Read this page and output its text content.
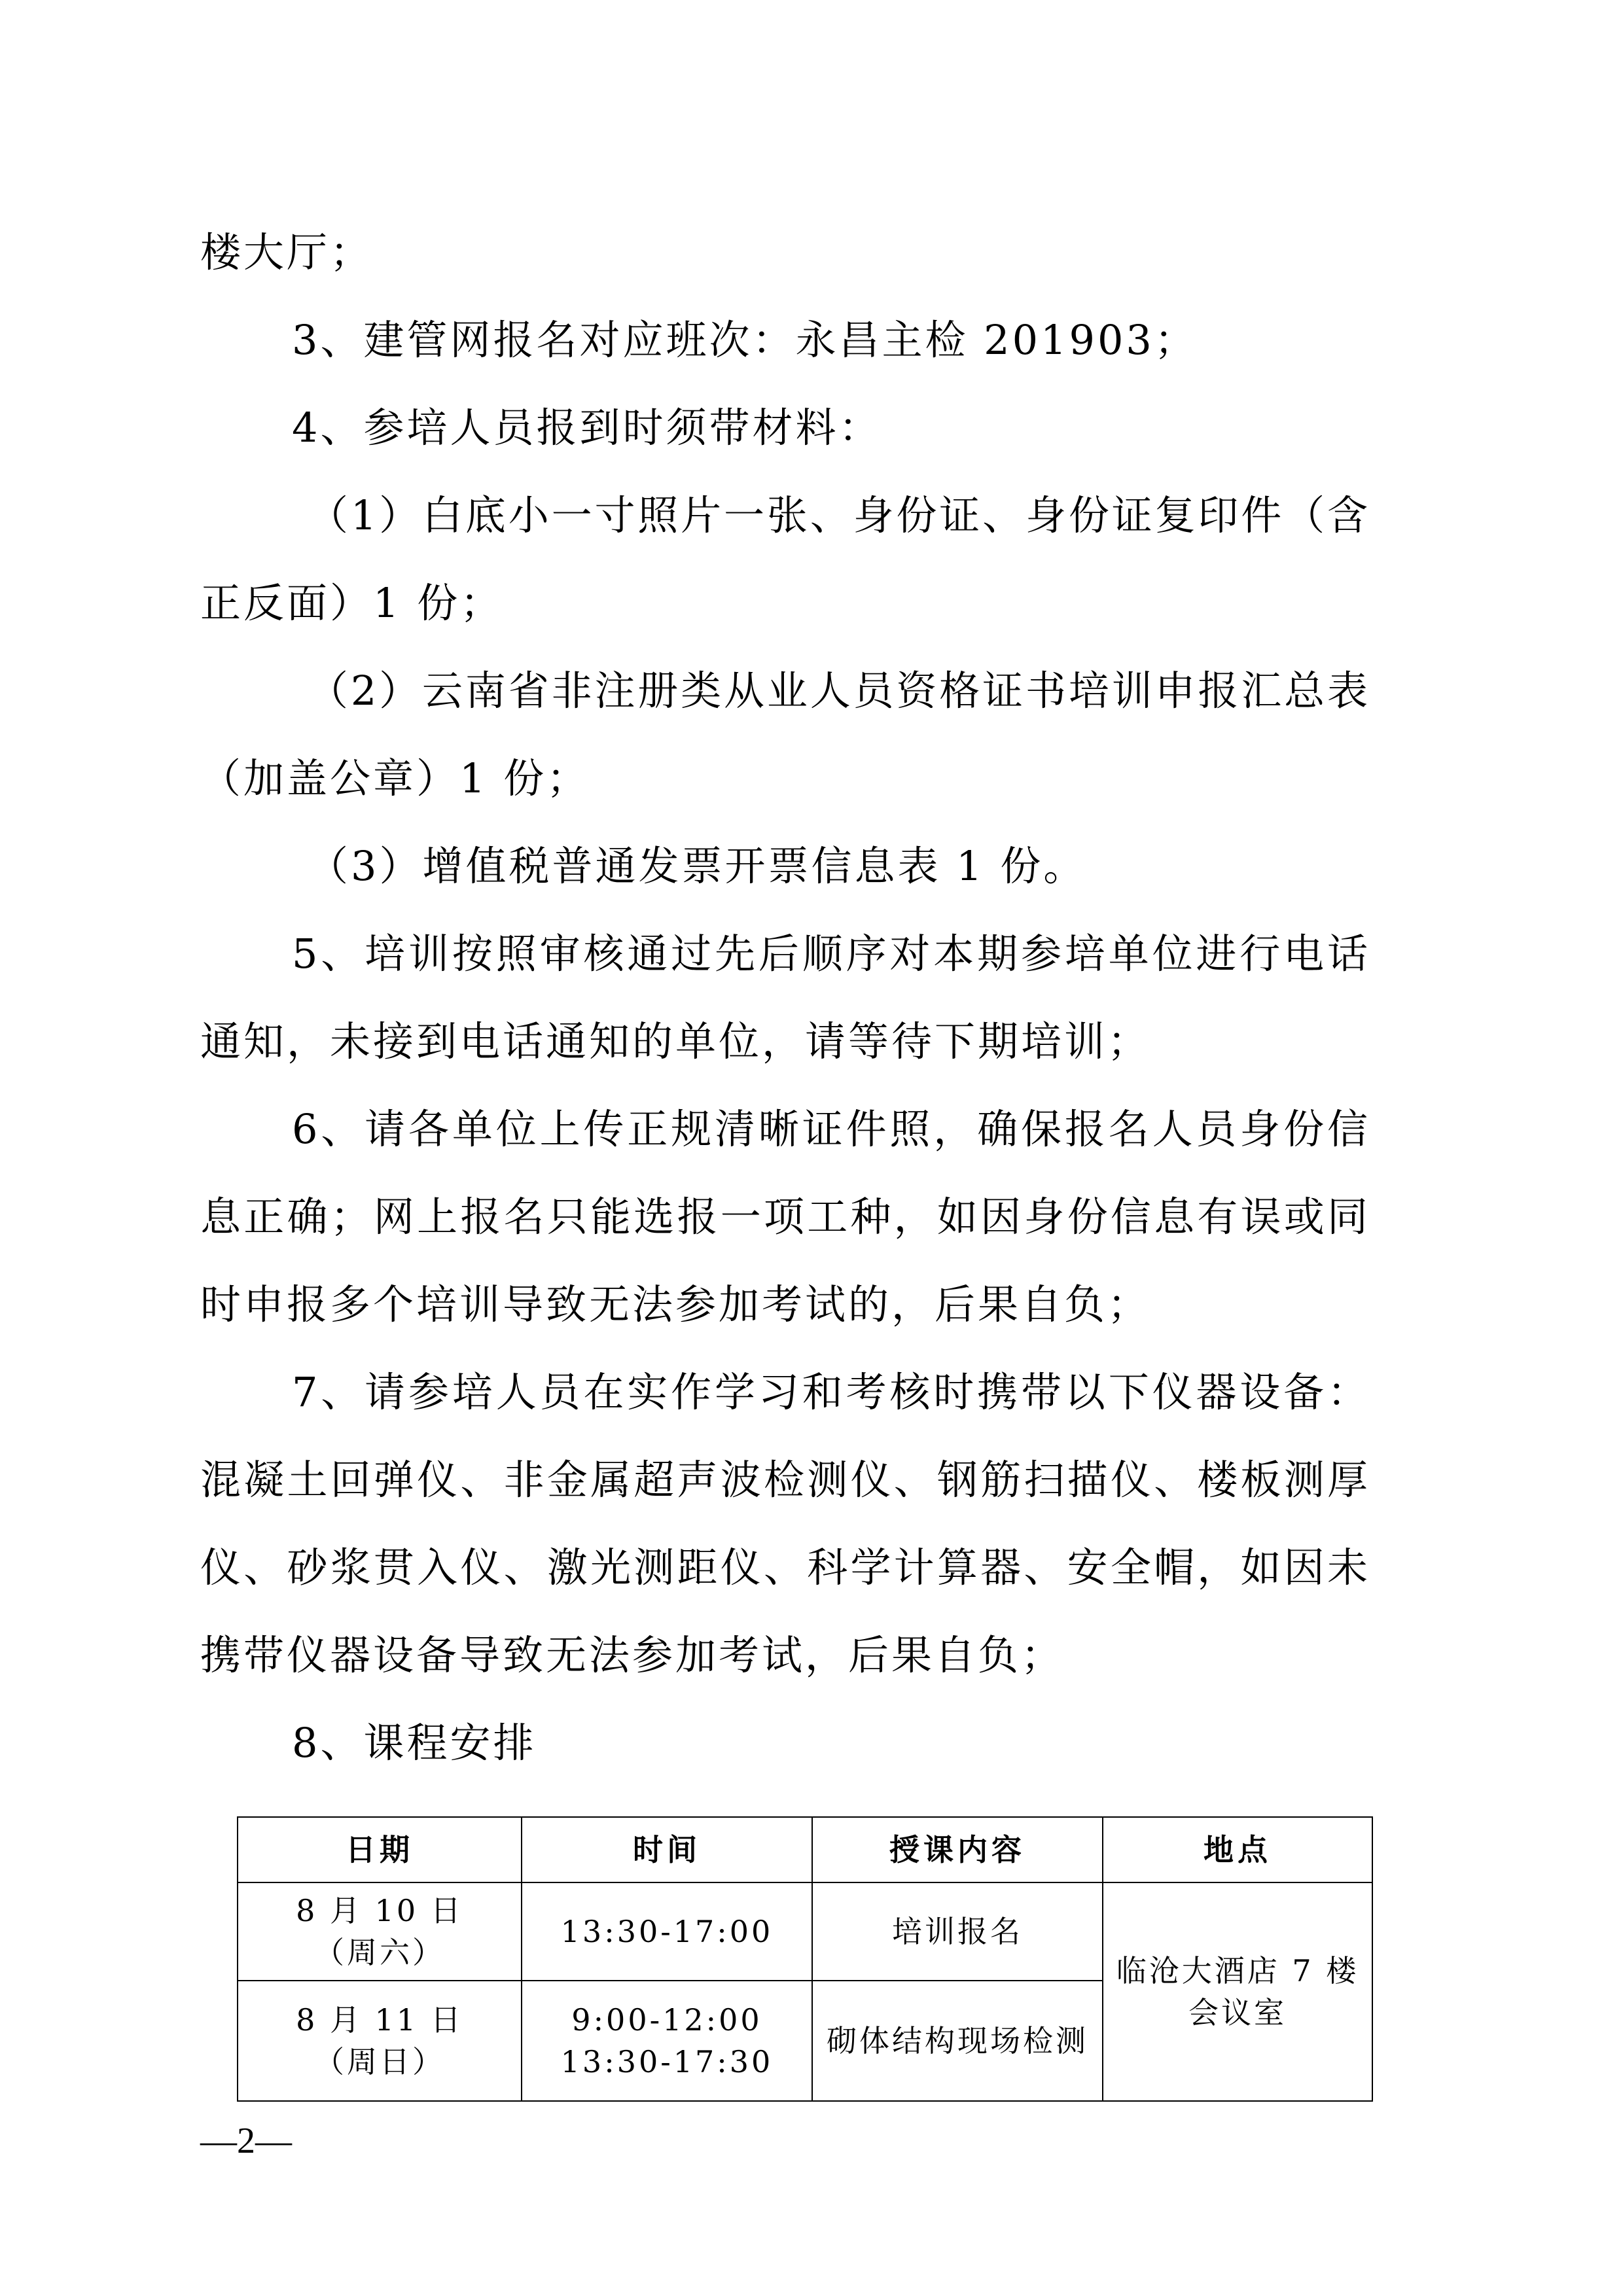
楼大厅；
3、建管网报名对应班次：永昌主检 201903；
4、参培人员报到时须带材料：
（1）白底小一寸照片一张、身份证、身份证复印件（含
正反面）1 份；
（2）云南省非注册类从业人员资格证书培训申报汇总表
（加盖公章）1 份；
（3）增值税普通发票开票信息表 1 份。
5、培训按照审核通过先后顺序对本期参培单位进行电话
通知，未接到电话通知的单位，请等待下期培训；
6、请各单位上传正规清晰证件照，确保报名人员身份信
息正确；网上报名只能选报一项工种，如因身份信息有误或同
时申报多个培训导致无法参加考试的，后果自负；
7、请参培人员在实作学习和考核时携带以下仪器设备：
混凝土回弹仪、非金属超声波检测仪、钢筋扫描仪、楼板测厚
仪、砂浆贯入仪、激光测距仪、科学计算器、安全帽，如因未
携带仪器设备导致无法参加考试，后果自负；
8、课程安排
日期	时间	授课内容	地点

8 月 10 日
（周六）	13:30-17:00	培训报名	临沧大酒店 7 楼
会议室

8 月 11 日
（周日）	9:00-12:00
13:30-17:30	砌体结构现场检测	
—2—
